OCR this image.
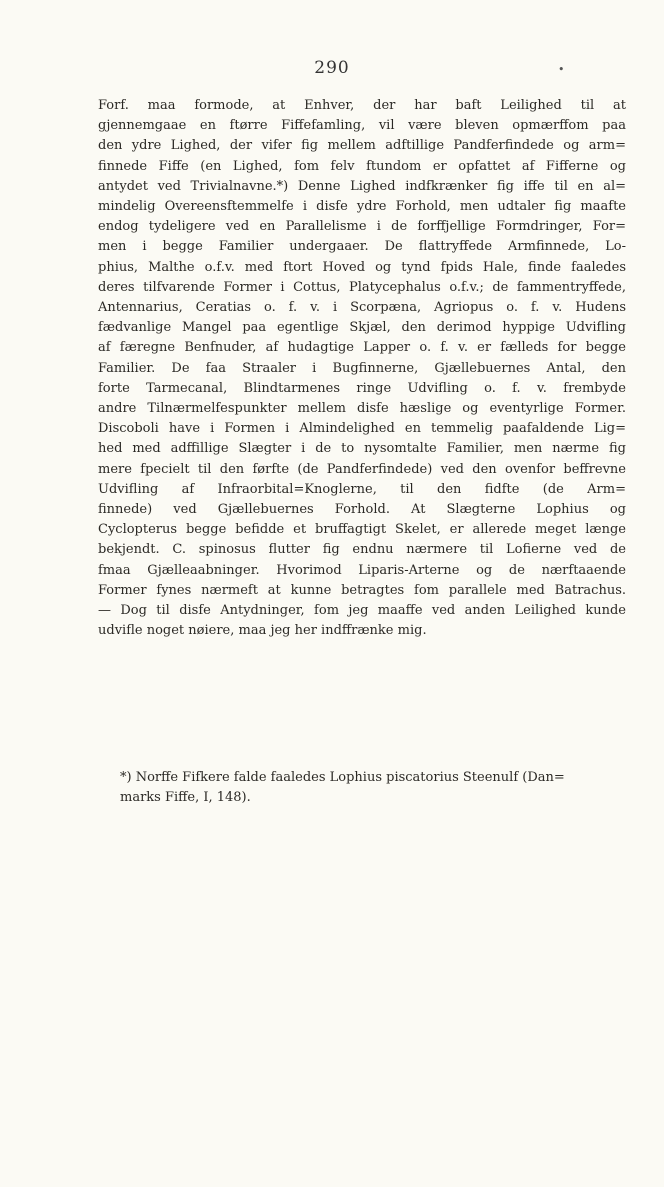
290	•
Forf. maa formode, at Enhver, der har baft Leilighed til at
gjennemgaae en ftørre Fiffefamling, vil være bleven opmærffom paa
den ydre Lighed, der vifer fig mellem adftillige Pandferfindede og arm=
finnede Fiffe (en Lighed, fom felv ftundom er opfattet af Fifferne og
antydet ved Trivialnavne.*) Denne Lighed indfkrænker fig iffe til en al=
mindelig Overeensftemmelfe i disfe ydre Forhold, men udtaler fig maafte
endog tydeligere ved en Parallelisme i de forffjellige Formdringer, For=
men i begge Familier undergaaer. De flattryffede Armfinnede, Lo-
phius, Malthe o.f.v. med ftort Hoved og tynd fpids Hale, finde faaledes
deres tilfvarende Former i Cottus, Platycephalus o.f.v.; de fammentryffede,
Antennarius, Ceratias o. f. v. i Scorpæna, Agriopus o. f. v. Hudens
fædvanlige Mangel paa egentlige Skjæl, den derimod hyppige Udvifling
af færegne Benfnuder, af hudagtige Lapper o. f. v. er fælleds for begge
Familier. De faa Straaler i Bugfinnerne, Gjællebuernes Antal, den
forte Tarmecanal, Blindtarmenes ringe Udvifling o. f. v. frembyde
andre Tilnærmelfespunkter mellem disfe hæslige og eventyrlige Former.
Discoboli have i Formen i Almindelighed en temmelig paafaldende Lig=
hed med adffillige Slægter i de to nysomtalte Familier, men nærme fig
mere fpecielt til den førfte (de Pandferfindede) ved den ovenfor beffrevne
Udvifling af Infraorbital=Knoglerne, til den fidfte (de Arm=
finnede) ved Gjællebuernes Forhold. At Slægterne Lophius og
Cyclopterus begge befidde et bruffagtigt Skelet, er allerede meget længe
bekjendt. C. spinosus flutter fig endnu nærmere til Lofierne ved de
fmaa Gjælleaabninger. Hvorimod Liparis-Arterne og de nærftaaende
Former fynes nærmeft at kunne betragtes fom parallele med Batrachus.
— Dog til disfe Antydninger, fom jeg maaffe ved anden Leilighed kunde
udvifle noget nøiere, maa jeg her indffrænke mig.
*) Norffe Fifkere falde faaledes Lophius piscatorius Steenulf (Dan=
marks Fiffe, I, 148).
